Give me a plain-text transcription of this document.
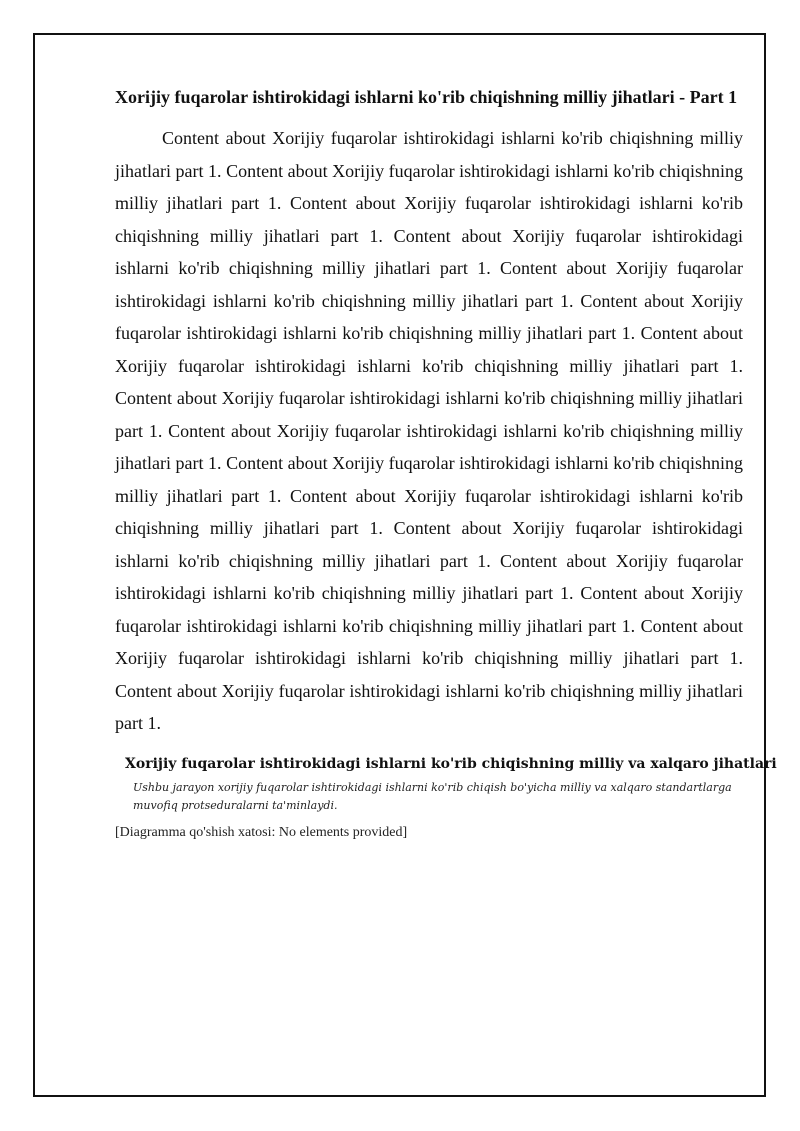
Xorijiy fuqarolar ishtirokidagi ishlarni ko'rib chiqishning milliy jihatlari - Part 1

Content about Xorijiy fuqarolar ishtirokidagi ishlarni ko'rib chiqishning milliy jihatlari part 1. Content about Xorijiy fuqarolar ishtirokidagi ishlarni ko'rib chiqishning milliy jihatlari part 1. Content about Xorijiy fuqarolar ishtirokidagi ishlarni ko'rib chiqishning milliy jihatlari part 1. Content about Xorijiy fuqarolar ishtirokidagi ishlarni ko'rib chiqishning milliy jihatlari part 1. Content about Xorijiy fuqarolar ishtirokidagi ishlarni ko'rib chiqishning milliy jihatlari part 1. Content about Xorijiy fuqarolar ishtirokidagi ishlarni ko'rib chiqishning milliy jihatlari part 1. Content about Xorijiy fuqarolar ishtirokidagi ishlarni ko'rib chiqishning milliy jihatlari part 1. Content about Xorijiy fuqarolar ishtirokidagi ishlarni ko'rib chiqishning milliy jihatlari part 1. Content about Xorijiy fuqarolar ishtirokidagi ishlarni ko'rib chiqishning milliy jihatlari part 1. Content about Xorijiy fuqarolar ishtirokidagi ishlarni ko'rib chiqishning milliy jihatlari part 1. Content about Xorijiy fuqarolar ishtirokidagi ishlarni ko'rib chiqishning milliy jihatlari part 1. Content about Xorijiy fuqarolar ishtirokidagi ishlarni ko'rib chiqishning milliy jihatlari part 1. Content about Xorijiy fuqarolar ishtirokidagi ishlarni ko'rib chiqishning milliy jihatlari part 1. Content about Xorijiy fuqarolar ishtirokidagi ishlarni ko'rib chiqishning milliy jihatlari part 1. Content about Xorijiy fuqarolar ishtirokidagi ishlarni ko'rib chiqishning milliy jihatlari part 1. Content about Xorijiy fuqarolar ishtirokidagi ishlarni ko'rib chiqishning milliy jihatlari part 1.

Xorijiy fuqarolar ishtirokidagi ishlarni ko'rib chiqishning milliy va xalqaro jihatlari

Ushbu jarayon xorijiy fuqarolar ishtirokidagi ishlarni ko'rib chiqish bo'yicha milliy va xalqaro standartlarga muvofiq protseduralarni ta'minlaydi.

[Diagramma qo'shish xatosi: No elements provided]
